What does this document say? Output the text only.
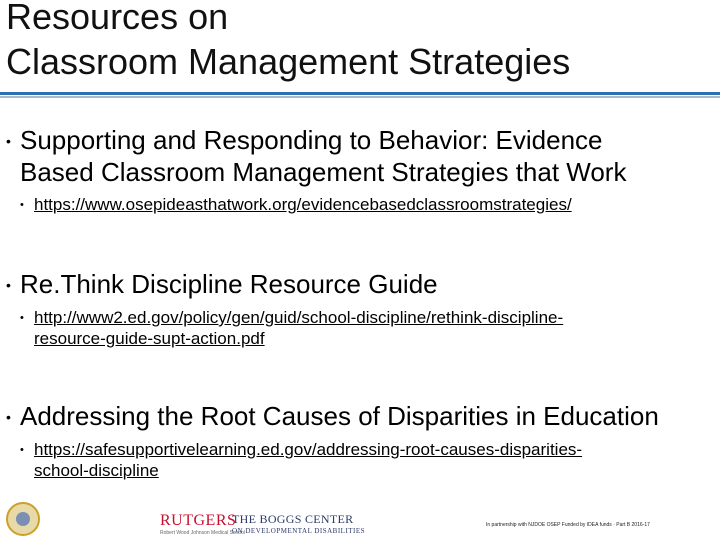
Resources on
Classroom Management Strategies
• Supporting and Responding to Behavior: Evidence
Based Classroom Management Strategies that Work
• https://www.osepideasthatwork.org/evidencebasedclassroomstrategies/
• Re.Think Discipline Resource Guide
• http://www2.ed.gov/policy/gen/guid/school-discipline/rethink-discipline-
resource-guide-supt-action.pdf
• Addressing the Root Causes of Disparities in Education
• https://safesupportivelearning.ed.gov/addressing-root-causes-disparities-
school-discipline
RUTGERS
Robert Wood Johnson Medical School
THE BOGGS CENTER
ON DEVELOPMENTAL DISABILITIES
In partnership with NJDOE OSEP Funded by IDEA funds · Part B 2016-17
